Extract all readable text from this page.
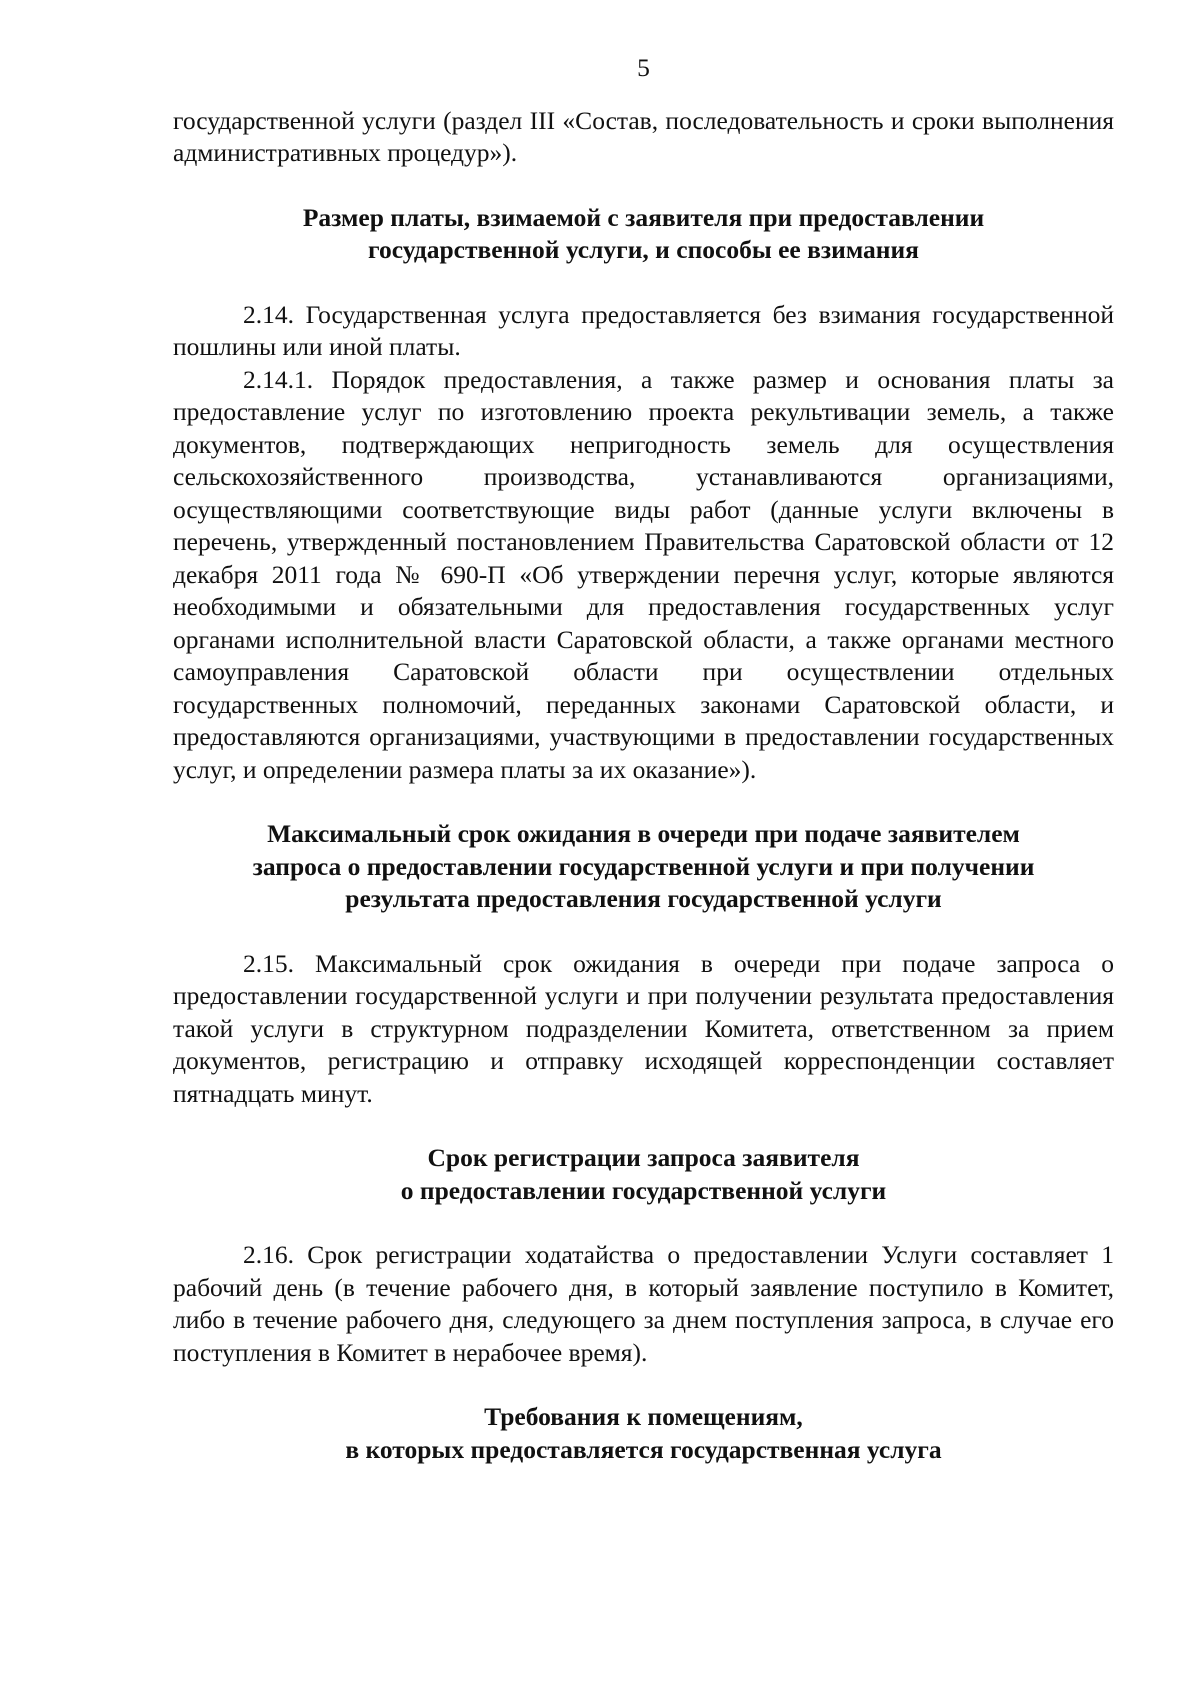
5

государственной услуги (раздел III «Состав, последовательность и сроки выполнения административных процедур»).

Размер платы, взимаемой с заявителя при предоставлении
государственной услуги, и способы ее взимания

2.14. Государственная услуга предоставляется без взимания государственной пошлины или иной платы.

2.14.1. Порядок предоставления, а также размер и основания платы за предоставление услуг по изготовлению проекта рекультивации земель, а также документов, подтверждающих непригодность земель для осуществления сельскохозяйственного производства, устанавливаются организациями, осуществляющими соответствующие виды работ (данные услуги включены в перечень, утвержденный постановлением Правительства Саратовской области от 12 декабря 2011 года № 690-П «Об утверждении перечня услуг, которые являются необходимыми и обязательными для предоставления государственных услуг органами исполнительной власти Саратовской области, а также органами местного самоуправления Саратовской области при осуществлении отдельных государственных полномочий, переданных законами Саратовской области, и предоставляются организациями, участвующими в предоставлении государственных услуг, и определении размера платы за их оказание»).

Максимальный срок ожидания в очереди при подаче заявителем
запроса о предоставлении государственной услуги и при получении
результата предоставления государственной услуги

2.15. Максимальный срок ожидания в очереди при подаче запроса о предоставлении государственной услуги и при получении результата предоставления такой услуги в структурном подразделении Комитета, ответственном за прием документов, регистрацию и отправку исходящей корреспонденции составляет пятнадцать минут.

Срок регистрации запроса заявителя
о предоставлении государственной услуги

2.16. Срок регистрации ходатайства о предоставлении Услуги составляет 1 рабочий день (в течение рабочего дня, в который заявление поступило в Комитет, либо в течение рабочего дня, следующего за днем поступления запроса, в случае его поступления в Комитет в нерабочее время).

Требования к помещениям,
в которых предоставляется государственная услуга
